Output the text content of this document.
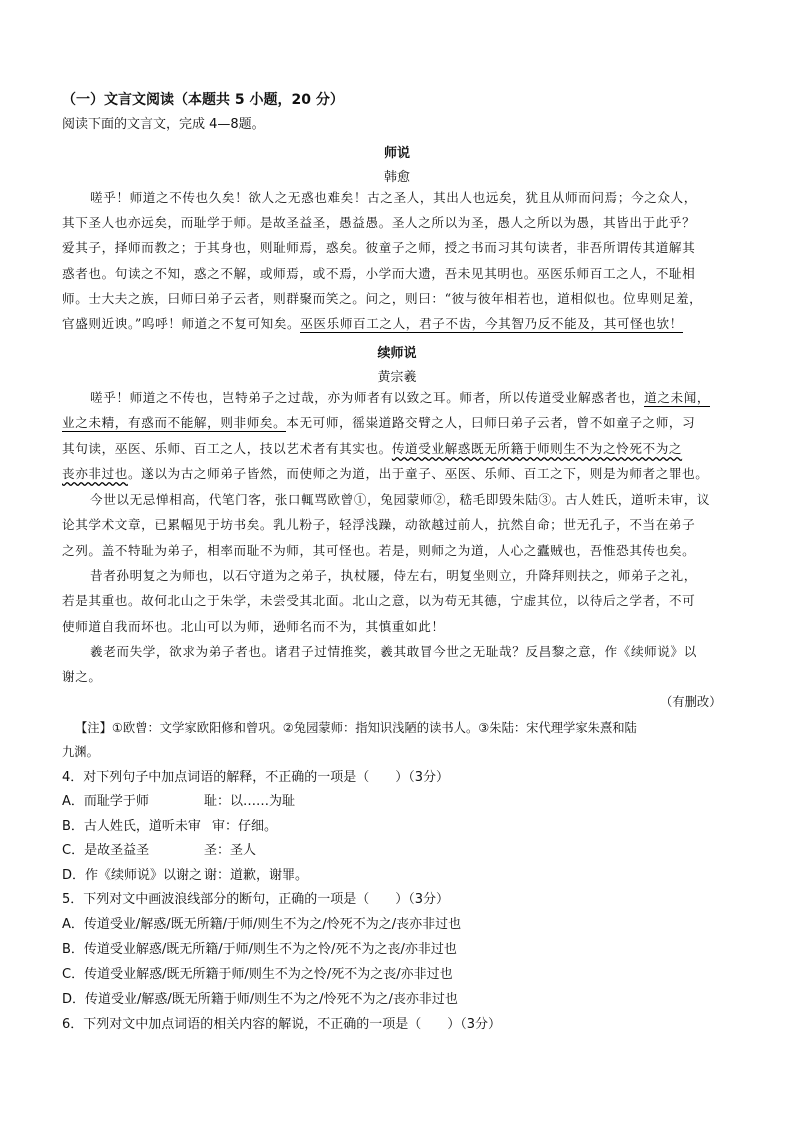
（一）文言文阅读（本题共 5 小题，20 分）
阅读下面的文言文，完成 4—8题。
师说
韩愈
嗟乎！师道之不传也久矣！欲人之无惑也难矣！古之圣人，其出人也远矣，犹且从师而问焉；今之众人，
其下圣人也亦远矣，而耻学于师。是故圣益圣，愚益愚。圣人之所以为圣，愚人之所以为愚，其皆出于此乎？
爱其子，择师而教之；于其身也，则耻师焉，惑矣。彼童子之师，授之书而习其句读者，非吾所谓传其道解其
惑者也。句读之不知，惑之不解，或师焉，或不焉，小学而大遗，吾未见其明也。巫医乐师百工之人，不耻相
师。士大夫之族，曰师曰弟子云者，则群聚而笑之。问之，则曰：“彼与彼年相若也，道相似也。位卑则足羞，
官盛则近谀。”呜呼！师道之不复可知矣。巫医乐师百工之人，君子不齿，今其智乃反不能及，其可怪也欤！
续师说
黄宗羲
嗟乎！师道之不传也，岂特弟子之过哉，亦为师者有以致之耳。师者，所以传道受业解惑者也，道之未闻，
业之未精，有惑而不能解，则非师矣。本无可师，徭粜道路交臂之人，曰师曰弟子云者，曾不如童子之师，习
其句读，巫医、乐师、百工之人，技以艺术者有其实也。传道受业解惑既无所籍于师则生不为之怜死不为之
丧亦非过也。遂以为古之师弟子皆然，而使师之为道，出于童子、巫医、乐师、百工之下，则是为师者之罪也。
今世以无忌惮相高，代笔门客，张口輒骂欧曾①，兔园蒙师②，嵇毛即毁朱陆③。古人姓氏，道听未审，议
论其学术文章，已累幅见于坊书矣。乳儿粉子，轻浮浅躁，动欲越过前人，抗然自命；世无孔子，不当在弟子
之列。盖不特耻为弟子，相率而耻不为师，其可怪也。若是，则师之为道，人心之蠹贼也，吾惟恐其传也矣。
昔者孙明复之为师也，以石守道为之弟子，执杖屦，侍左右，明复坐则立，升降拜则扶之，师弟子之礼，
若是其重也。故何北山之于朱学，未尝受其北面。北山之意，以为苟无其德，宁虚其位，以待后之学者，不可
使师道自我而坏也。北山可以为师，逊师名而不为，其慎重如此！
羲老而失学，欲求为弟子者也。诸君子过情推奖，羲其敢冒今世之无耻哉？反昌黎之意，作《续师说》以
谢之。
（有删改）
【注】①欧曾：文学家欧阳修和曾巩。②兔园蒙师：指知识浅陋的读书人。③朱陆：宋代理学家朱熹和陆
九渊。
4．对下列句子中加点词语的解释，不正确的一项是（　　）（3分）
A．而耻学于师	耻：以……为耻
B．古人姓氏，道听未审 审：仔细。
C．是故圣益圣	圣：圣人
D．作《续师说》以谢之 谢：道歉，谢罪。
5．下列对文中画波浪线部分的断句，正确的一项是（　　）（3分）
A．传道受业/解惑/既无所籍/于师/则生不为之/怜死不为之/丧亦非过也
B．传道受业解惑/既无所籍/于师/则生不为之怜/死不为之丧/亦非过也
C．传道受业解惑/既无所籍于师/则生不为之怜/死不为之丧/亦非过也
D．传道受业/解惑/既无所籍于师/则生不为之/怜死不为之/丧亦非过也
6．下列对文中加点词语的相关内容的解说，不正确的一项是（　　）（3分）
